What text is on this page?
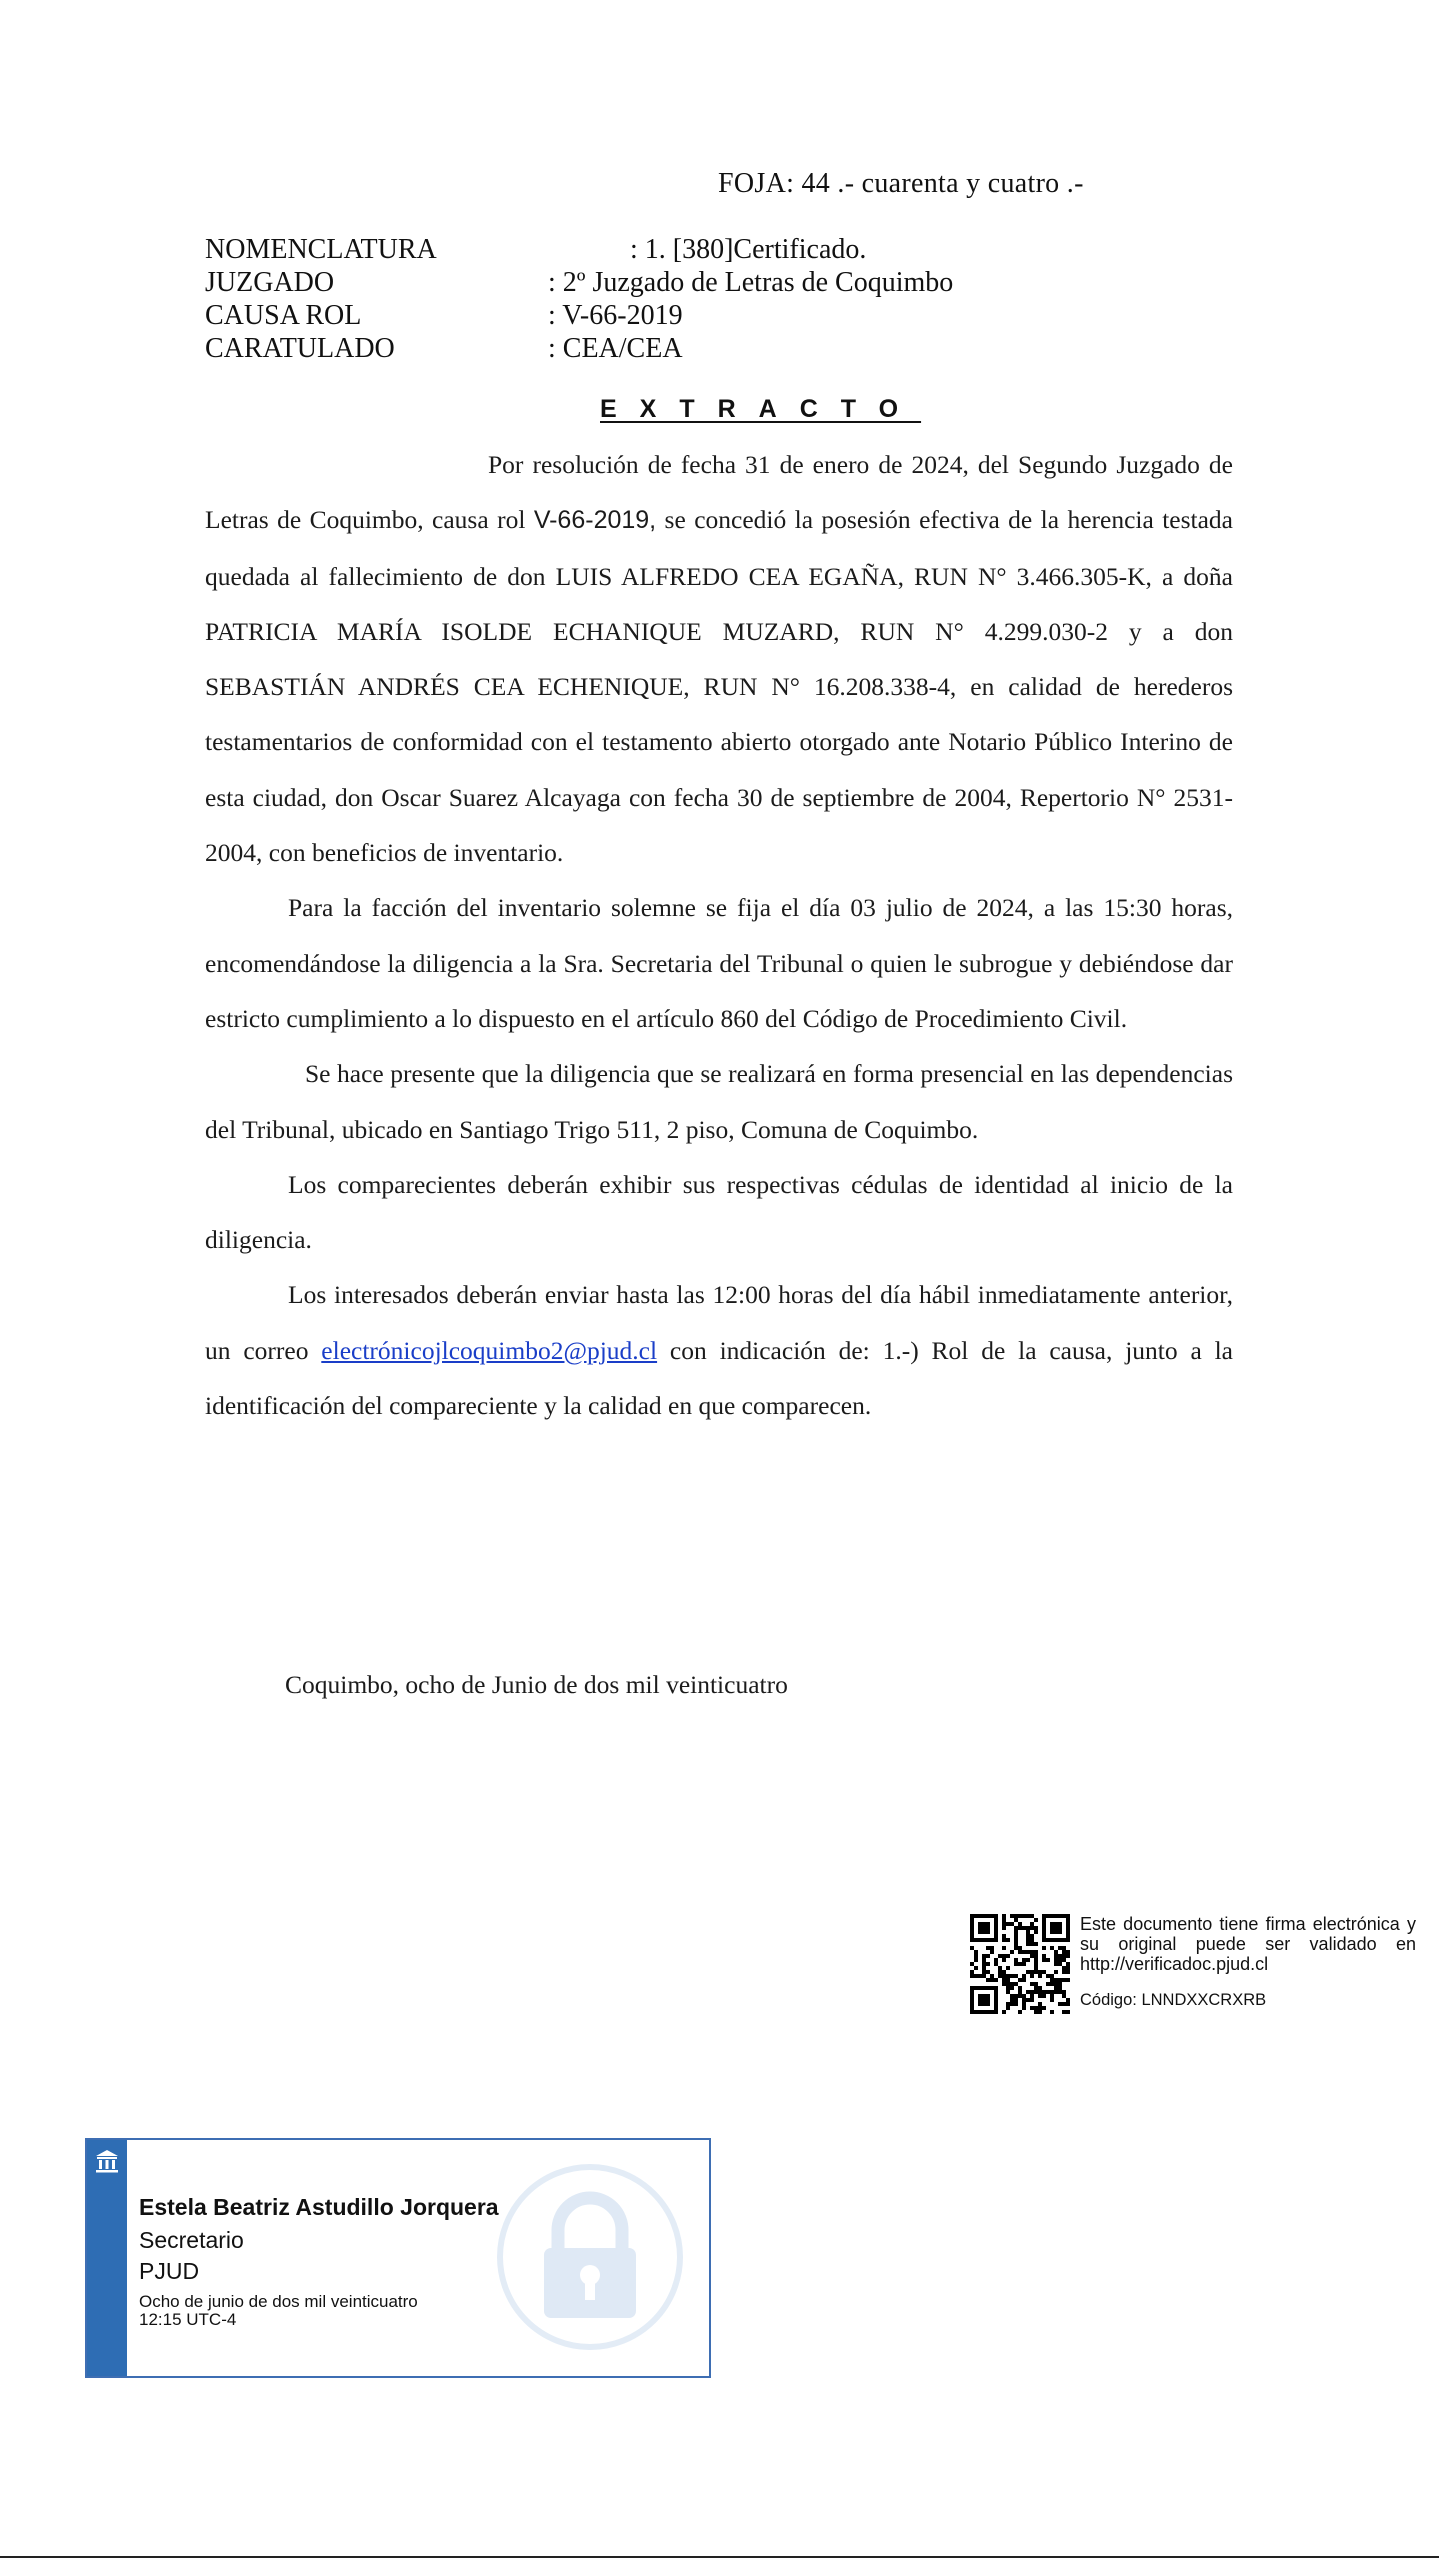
FOJA: 44 .- cuarenta y cuatro .-
NOMENCLATURA	: 1. [380]Certificado.
JUZGADO	: 2º Juzgado de Letras de Coquimbo
CAUSA ROL	: V-66-2019
CARATULADO	: CEA/CEA
EXTRACTO

Por resolución de fecha 31 de enero de 2024, del Segundo Juzgado de Letras de Coquimbo, causa rol V-66-2019, se concedió la posesión efectiva de la herencia testada quedada al fallecimiento de don LUIS ALFREDO CEA EGAÑA, RUN N° 3.466.305-K, a doña PATRICIA MARÍA ISOLDE ECHANIQUE MUZARD, RUN N° 4.299.030-2 y a don SEBASTIÁN ANDRÉS CEA ECHENIQUE, RUN N° 16.208.338-4, en calidad de herederos testamentarios de conformidad con el testamento abierto otorgado ante Notario Público Interino de esta ciudad, don Oscar Suarez Alcayaga con fecha 30 de septiembre de 2004, Repertorio N° 2531-2004, con beneficios de inventario.

Para la facción del inventario solemne se fija el día 03 julio de 2024, a las 15:30 horas, encomendándose la diligencia a la Sra. Secretaria del Tribunal o quien le subrogue y debiéndose dar estricto cumplimiento a lo dispuesto en el artículo 860 del Código de Procedimiento Civil.

Se hace presente que la diligencia que se realizará en forma presencial en las dependencias del Tribunal, ubicado en Santiago Trigo 511, 2 piso, Comuna de Coquimbo.

Los comparecientes deberán exhibir sus respectivas cédulas de identidad al inicio de la diligencia.

Los interesados deberán enviar hasta las 12:00 horas del día hábil inmediatamente anterior, un correo electrónicojlcoquimbo2@pjud.cl con indicación de: 1.-) Rol de la causa, junto a la identificación del compareciente y la calidad en que comparecen.

Coquimbo, ocho de Junio de dos mil veinticuatro
Este documento tiene firma electrónica y su original puede ser validado en http://verificadoc.pjud.cl
Código: LNNDXXCRXRB
Estela Beatriz Astudillo Jorquera
Secretario
PJUD
Ocho de junio de dos mil veinticuatro
12:15 UTC-4
